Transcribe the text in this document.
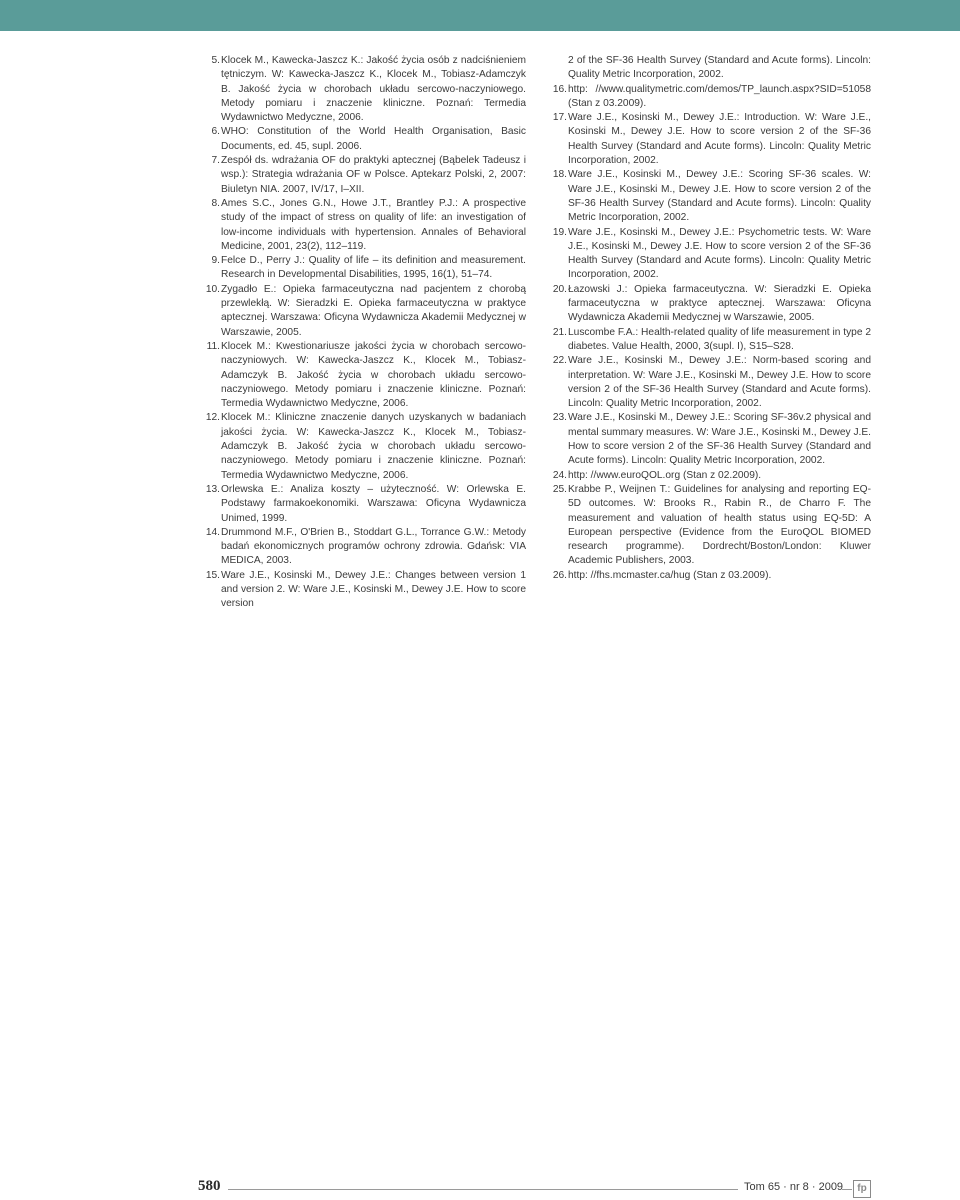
5. Klocek M., Kawecka-Jaszcz K.: Jakość życia osób z nadciśnieniem tętniczym. W: Kawecka-Jaszcz K., Klocek M., Tobiasz-Adamczyk B. Jakość życia w chorobach układu sercowo-naczyniowego. Metody pomiaru i znaczenie kliniczne. Poznań: Termedia Wydawnictwo Medyczne, 2006.
6. WHO: Constitution of the World Health Organisation, Basic Documents, ed. 45, supl. 2006.
7. Zespół ds. wdrażania OF do praktyki aptecznej (Bąbelek Tadeusz i wsp.): Strategia wdrażania OF w Polsce. Aptekarz Polski, 2, 2007: Biuletyn NIA. 2007, IV/17, I–XII.
8. Ames S.C., Jones G.N., Howe J.T., Brantley P.J.: A prospective study of the impact of stress on quality of life: an investigation of low-income individuals with hypertension. Annales of Behavioral Medicine, 2001, 23(2), 112–119.
9. Felce D., Perry J.: Quality of life – its definition and measurement. Research in Developmental Disabilities, 1995, 16(1), 51–74.
10. Zygadło E.: Opieka farmaceutyczna nad pacjentem z chorobą przewlekłą. W: Sieradzki E. Opieka farmaceutyczna w praktyce aptecznej. Warszawa: Oficyna Wydawnicza Akademii Medycznej w Warszawie, 2005.
11. Klocek M.: Kwestionariusze jakości życia w chorobach sercowo-naczyniowych. W: Kawecka-Jaszcz K., Klocek M., Tobiasz-Adamczyk B. Jakość życia w chorobach układu sercowo-naczyniowego. Metody pomiaru i znaczenie kliniczne. Poznań: Termedia Wydawnictwo Medyczne, 2006.
12. Klocek M.: Kliniczne znaczenie danych uzyskanych w badaniach jakości życia. W: Kawecka-Jaszcz K., Klocek M., Tobiasz-Adamczyk B. Jakość życia w chorobach układu sercowo-naczyniowego. Metody pomiaru i znaczenie kliniczne. Poznań: Termedia Wydawnictwo Medyczne, 2006.
13. Orlewska E.: Analiza koszty – użyteczność. W: Orlewska E. Podstawy farmakoekonomiki. Warszawa: Oficyna Wydawnicza Unimed, 1999.
14. Drummond M.F., O'Brien B., Stoddart G.L., Torrance G.W.: Metody badań ekonomicznych programów ochrony zdrowia. Gdańsk: VIA MEDICA, 2003.
15. Ware J.E., Kosinski M., Dewey J.E.: Changes between version 1 and version 2. W: Ware J.E., Kosinski M., Dewey J.E. How to score version
2 of the SF-36 Health Survey (Standard and Acute forms). Lincoln: Quality Metric Incorporation, 2002.
16. http: //www.qualitymetric.com/demos/TP_launch.aspx?SID=51058 (Stan z 03.2009).
17. Ware J.E., Kosinski M., Dewey J.E.: Introduction. W: Ware J.E., Kosinski M., Dewey J.E. How to score version 2 of the SF-36 Health Survey (Standard and Acute forms). Lincoln: Quality Metric Incorporation, 2002.
18. Ware J.E., Kosinski M., Dewey J.E.: Scoring SF-36 scales. W: Ware J.E., Kosinski M., Dewey J.E. How to score version 2 of the SF-36 Health Survey (Standard and Acute forms). Lincoln: Quality Metric Incorporation, 2002.
19. Ware J.E., Kosinski M., Dewey J.E.: Psychometric tests. W: Ware J.E., Kosinski M., Dewey J.E. How to score version 2 of the SF-36 Health Survey (Standard and Acute forms). Lincoln: Quality Metric Incorporation, 2002.
20. Łazowski J.: Opieka farmaceutyczna. W: Sieradzki E. Opieka farmaceutyczna w praktyce aptecznej. Warszawa: Oficyna Wydawnicza Akademii Medycznej w Warszawie, 2005.
21. Luscombe F.A.: Health-related quality of life measurement in type 2 diabetes. Value Health, 2000, 3(supl. I), S15–S28.
22. Ware J.E., Kosinski M., Dewey J.E.: Norm-based scoring and interpretation. W: Ware J.E., Kosinski M., Dewey J.E. How to score version 2 of the SF-36 Health Survey (Standard and Acute forms). Lincoln: Quality Metric Incorporation, 2002.
23. Ware J.E., Kosinski M., Dewey J.E.: Scoring SF-36v.2 physical and mental summary measures. W: Ware J.E., Kosinski M., Dewey J.E. How to score version 2 of the SF-36 Health Survey (Standard and Acute forms). Lincoln: Quality Metric Incorporation, 2002.
24. http: //www.euroQOL.org (Stan z 02.2009).
25. Krabbe P., Weijnen T.: Guidelines for analysing and reporting EQ-5D outcomes. W: Brooks R., Rabin R., de Charro F. The measurement and valuation of health status using EQ-5D: A European perspective (Evidence from the EuroQOL BIOMED research programme). Dordrecht/Boston/London: Kluwer Academic Publishers, 2003.
26. http: //fhs.mcmaster.ca/hug (Stan z 03.2009).
580	Tom 65 · nr 8 · 2009	fp
